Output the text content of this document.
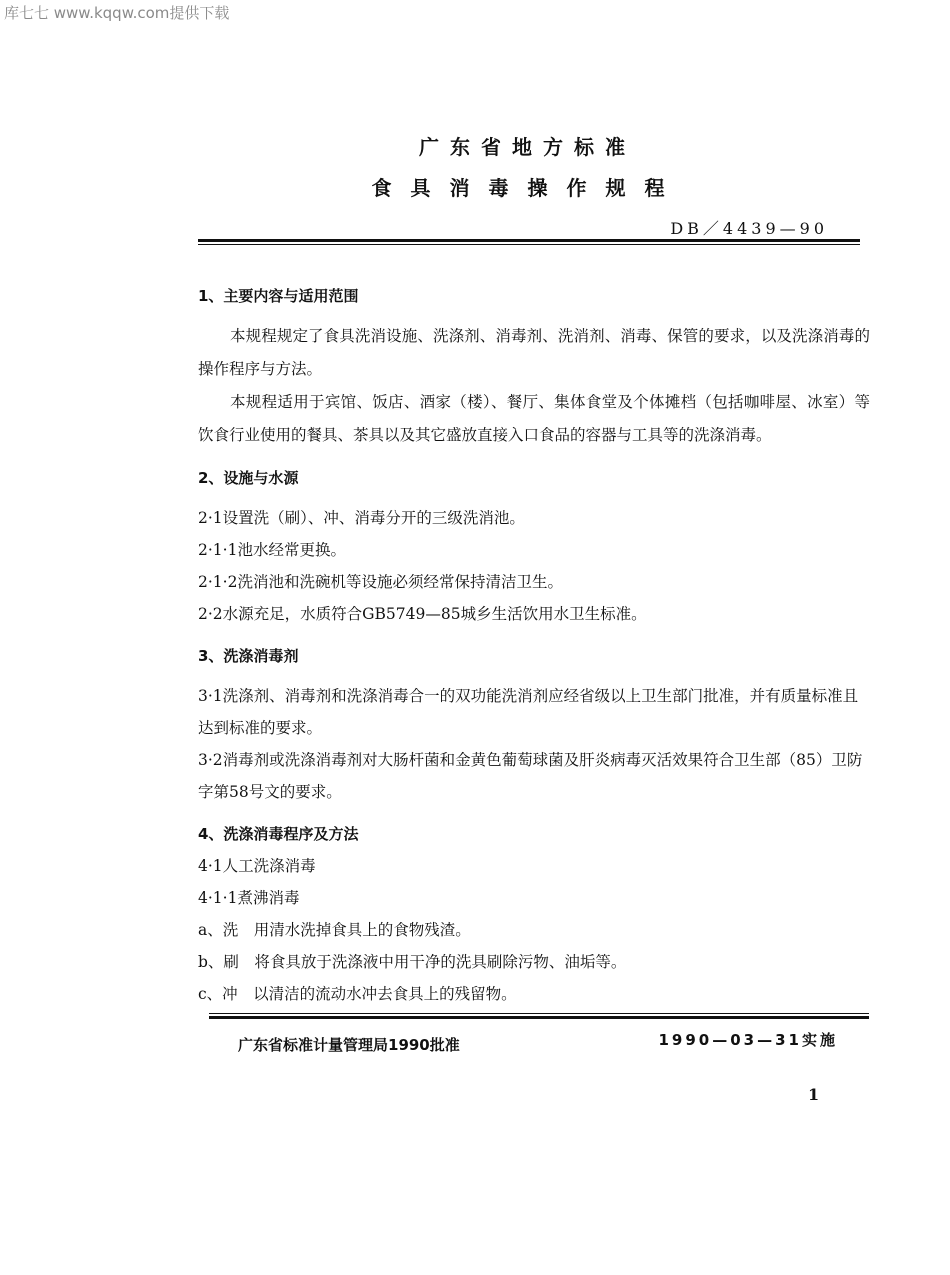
库七七 www.kqqw.com提供下载
广东省地方标准
食具消毒操作规程
DB／4439—90

1、主要内容与适用范围

本规程规定了食具洗消设施、洗涤剂、消毒剂、洗消剂、消毒、保管的要求，以及洗涤消毒的操作程序与方法。

本规程适用于宾馆、饭店、酒家（楼）、餐厅、集体食堂及个体摊档（包括咖啡屋、冰室）等饮食行业使用的餐具、茶具以及其它盛放直接入口食品的容器与工具等的洗涤消毒。

2、设施与水源

2·1设置洗（刷）、冲、消毒分开的三级洗消池。

2·1·1池水经常更换。

2·1·2洗消池和洗碗机等设施必须经常保持清洁卫生。

2·2水源充足，水质符合GB5749—85城乡生活饮用水卫生标准。

3、洗涤消毒剂

3·1洗涤剂、消毒剂和洗涤消毒合一的双功能洗消剂应经省级以上卫生部门批准，并有质量标准且达到标准的要求。

3·2消毒剂或洗涤消毒剂对大肠杆菌和金黄色葡萄球菌及肝炎病毒灭活效果符合卫生部（85）卫防字第58号文的要求。

4、洗涤消毒程序及方法

4·1人工洗涤消毒

4·1·1煮沸消毒

a、洗　用清水洗掉食具上的食物残渣。

b、刷　将食具放于洗涤液中用干净的洗具刷除污物、油垢等。

c、冲　以清洁的流动水冲去食具上的残留物。

广东省标准计量管理局1990批准	1990—03—31实施
1
